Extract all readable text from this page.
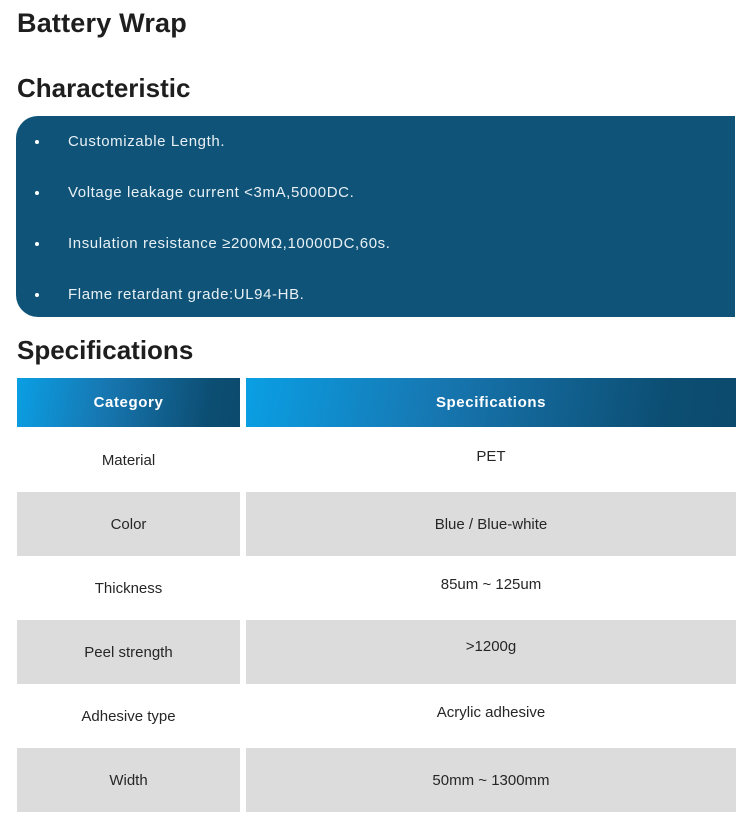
Battery Wrap
Characteristic
Customizable Length.
Voltage leakage current <3mA,5000DC.
Insulation resistance ≥200MΩ,10000DC,60s.
Flame retardant grade:UL94-HB.
Specifications
Category	Specifications
Material	PET
Color	Blue / Blue-white
Thickness	85um ~ 125um
Peel strength	>1200g
Adhesive type	Acrylic adhesive
Width	50mm ~ 1300mm
